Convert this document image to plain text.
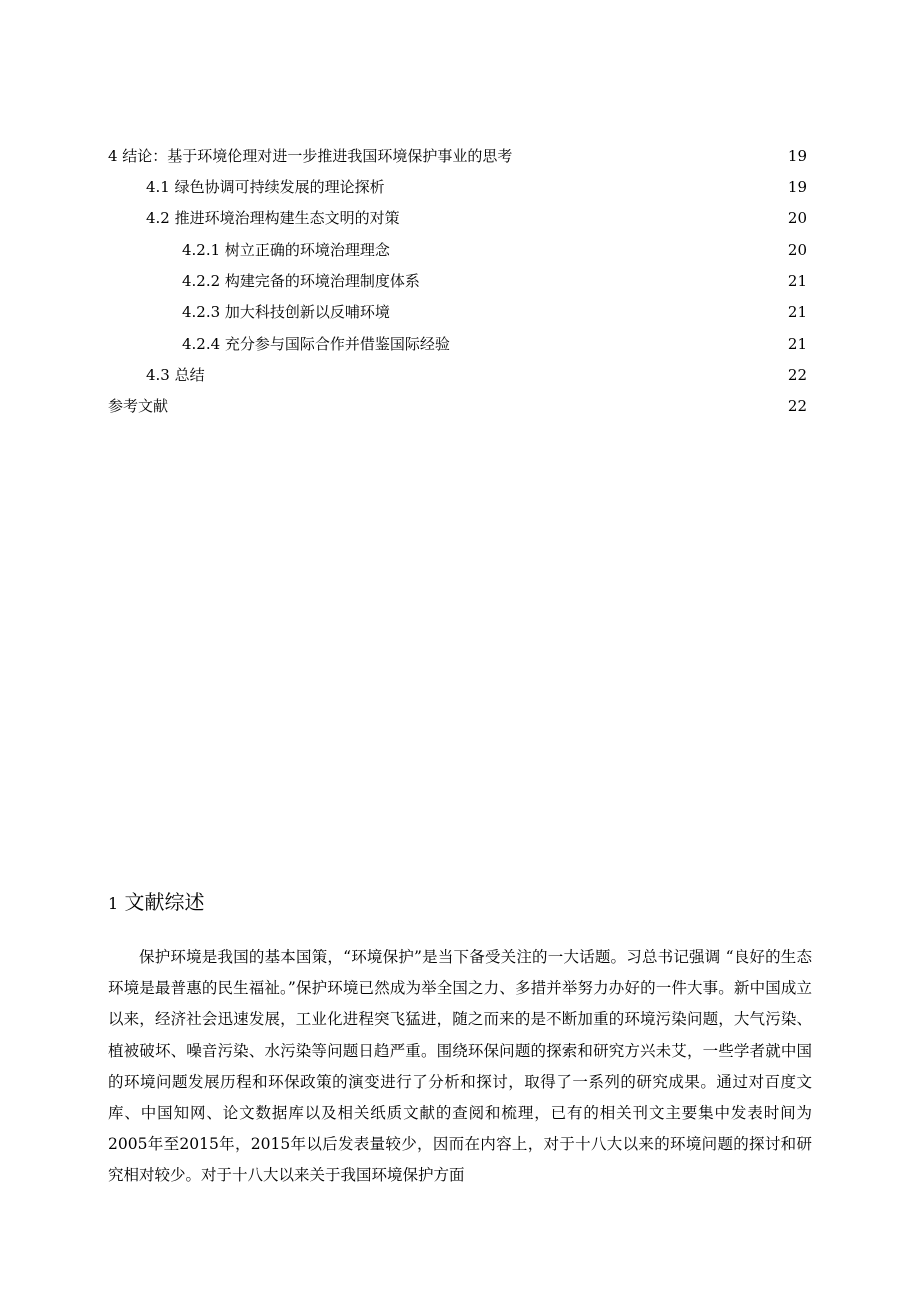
4 结论：基于环境伦理对进一步推进我国环境保护事业的思考	19
4.1 绿色协调可持续发展的理论探析	19
4.2 推进环境治理构建生态文明的对策	20
4.2.1 树立正确的环境治理理念	20
4.2.2 构建完备的环境治理制度体系	21
4.2.3 加大科技创新以反哺环境	21
4.2.4 充分参与国际合作并借鉴国际经验	21
4.3 总结	22
参考文献	22
1 文献综述

保护环境是我国的基本国策，“环境保护”是当下备受关注的一大话题。习总书记强调 “良好的生态环境是最普惠的民生福祉。”保护环境已然成为举全国之力、多措并举努力办好的一件大事。新中国成立以来，经济社会迅速发展，工业化进程突飞猛进，随之而来的是不断加重的环境污染问题，大气污染、植被破坏、噪音污染、水污染等问题日趋严重。围绕环保问题的探索和研究方兴未艾，一些学者就中国的环境问题发展历程和环保政策的演变进行了分析和探讨，取得了一系列的研究成果。通过对百度文库、中国知网、论文数据库以及相关纸质文献的查阅和梳理，已有的相关刊文主要集中发表时间为2005年至2015年，2015年以后发表量较少，因而在内容上，对于十八大以来的环境问题的探讨和研究相对较少。对于十八大以来关于我国环境保护方面
